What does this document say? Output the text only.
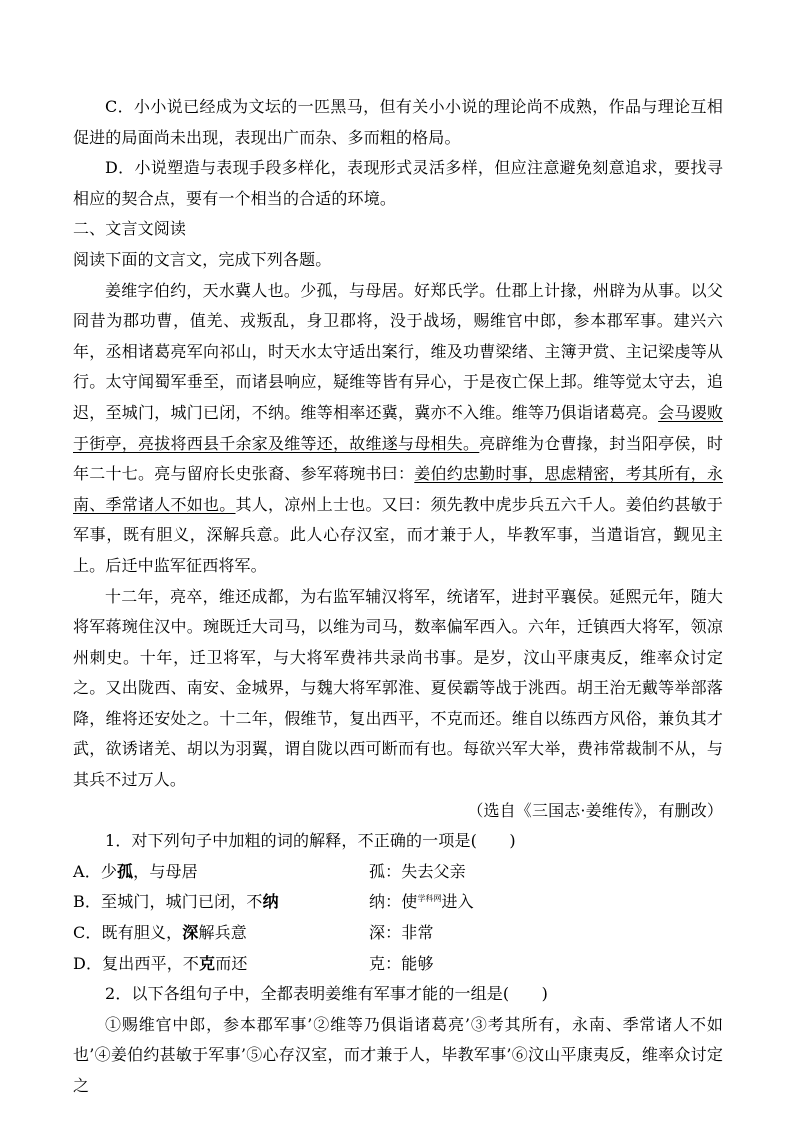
C．小小说已经成为文坛的一匹黑马，但有关小小说的理论尚不成熟，作品与理论互相促进的局面尚未出现，表现出广而杂、多而粗的格局。

D．小说塑造与表现手段多样化，表现形式灵活多样，但应注意避免刻意追求，要找寻相应的契合点，要有一个相当的合适的环境。

二、文言文阅读

阅读下面的文言文，完成下列各题。

姜维字伯约，天水冀人也。少孤，与母居。好郑氏学。仕郡上计掾，州辟为从事。以父冏昔为郡功曹，值羌、戎叛乱，身卫郡将，没于战场，赐维官中郎，参本郡军事。建兴六年，丞相诸葛亮军向祁山，时天水太守适出案行，维及功曹梁绪、主簿尹赏、主记梁虔等从行。太守闻蜀军垂至，而诸县响应，疑维等皆有异心，于是夜亡保上邽。维等觉太守去，追迟，至城门，城门已闭，不纳。维等相率还冀，冀亦不入维。维等乃俱诣诸葛亮。会马谡败于街亭，亮拔将西县千余家及维等还，故维遂与母相失。亮辟维为仓曹掾，封当阳亭侯，时年二十七。亮与留府长史张裔、参军蒋琬书曰：姜伯约忠勤时事，思虑精密，考其所有，永南、季常诸人不如也。其人，凉州上士也。又曰：须先教中虎步兵五六千人。姜伯约甚敏于军事，既有胆义，深解兵意。此人心存汉室，而才兼于人，毕教军事，当遣诣宫，觐见主上。后迁中监军征西将军。

十二年，亮卒，维还成都，为右监军辅汉将军，统诸军，进封平襄侯。延熙元年，随大将军蒋琬住汉中。琬既迁大司马，以维为司马，数率偏军西入。六年，迁镇西大将军，领凉州刺史。十年，迁卫将军，与大将军费祎共录尚书事。是岁，汶山平康夷反，维率众讨定之。又出陇西、南安、金城界，与魏大将军郭淮、夏侯霸等战于洮西。胡王治无戴等举部落降，维将还安处之。十二年，假维节，复出西平，不克而还。维自以练西方风俗，兼负其才武，欲诱诸羌、胡以为羽翼，谓自陇以西可断而有也。每欲兴军大举，费祎常裁制不从，与其兵不过万人。

（选自《三国志·姜维传》，有删改）

1．对下列句子中加粗的词的解释，不正确的一项是(　　)

A．少孤，与母居	孤：失去父亲
B．至城门，城门已闭，不纳	纳：使$^{学科网}$进入
C．既有胆义，深解兵意	深：非常
D．复出西平，不克而还	克：能够

2．以下各组句子中，全都表明姜维有军事才能的一组是(　　)

①赐维官中郎，参本郡军事’②维等乃俱诣诸葛亮’③考其所有，永南、季常诸人不如也’④姜伯约甚敏于军事’⑤心存汉室，而才兼于人，毕教军事’⑥汶山平康夷反，维率众讨定之
